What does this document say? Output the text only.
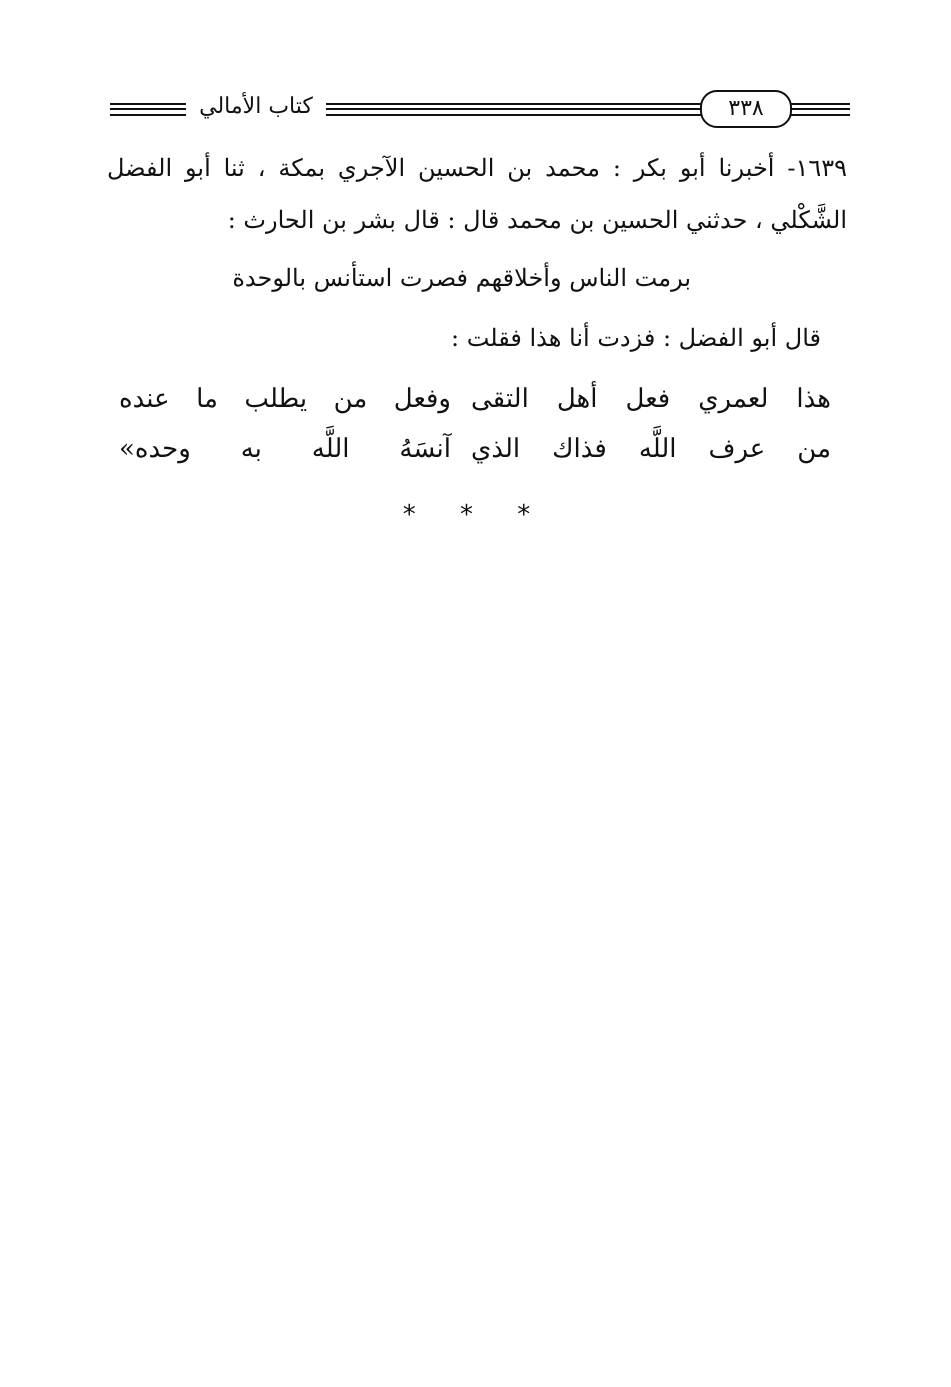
٣٣٨
كتاب الأمالي
١٦٣٩- أخبرنا أبو بكر : محمد بن الحسين الآجري بمكة ، ثنا أبو الفضل
الشَّكْلي ، حدثني الحسين بن محمد قال : قال بشر بن الحارث :
برمت الناس وأخلاقهم فصرت استأنس بالوحدة
قال أبو الفضل : فزدت أنا هذا فقلت :
هذا لعمري فعل أهل التقى
وفعل من يطلب ما عنده
من عرف اللَّه فذاك الذي
آنسَهُ اللَّه به وحده»
* * *
